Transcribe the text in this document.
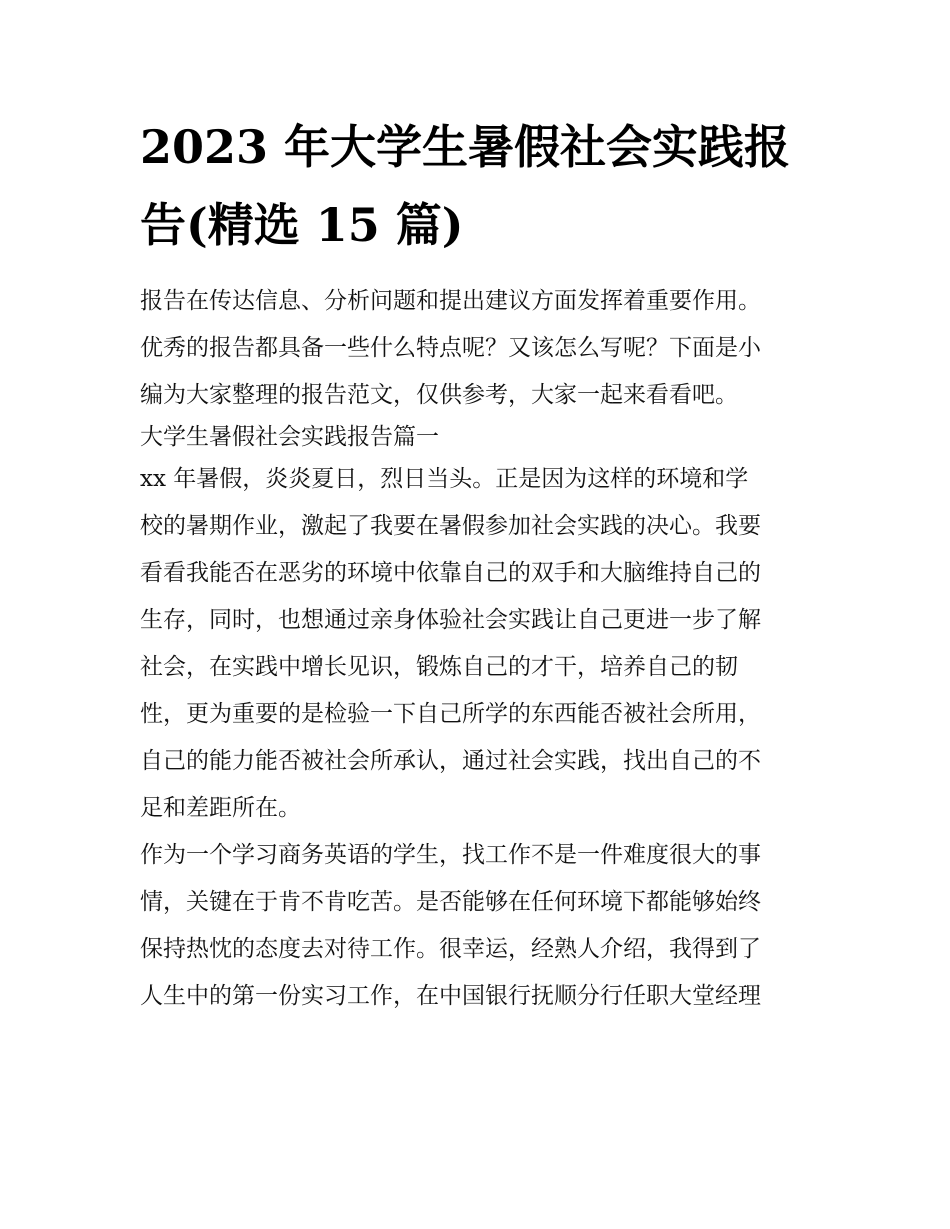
2023 年大学生暑假社会实践报
告(精选 15 篇)
报告在传达信息、分析问题和提出建议方面发挥着重要作用。
优秀的报告都具备一些什么特点呢？又该怎么写呢？下面是小
编为大家整理的报告范文，仅供参考，大家一起来看看吧。
大学生暑假社会实践报告篇一
xx 年暑假，炎炎夏日，烈日当头。正是因为这样的环境和学
校的暑期作业，激起了我要在暑假参加社会实践的决心。我要
看看我能否在恶劣的环境中依靠自己的双手和大脑维持自己的
生存，同时，也想通过亲身体验社会实践让自己更进一步了解
社会，在实践中增长见识，锻炼自己的才干，培养自己的韧
性，更为重要的是检验一下自己所学的东西能否被社会所用，
自己的能力能否被社会所承认，通过社会实践，找出自己的不
足和差距所在。
作为一个学习商务英语的学生，找工作不是一件难度很大的事
情，关键在于肯不肯吃苦。是否能够在任何环境下都能够始终
保持热忱的态度去对待工作。很幸运，经熟人介绍，我得到了
人生中的第一份实习工作，在中国银行抚顺分行任职大堂经理
